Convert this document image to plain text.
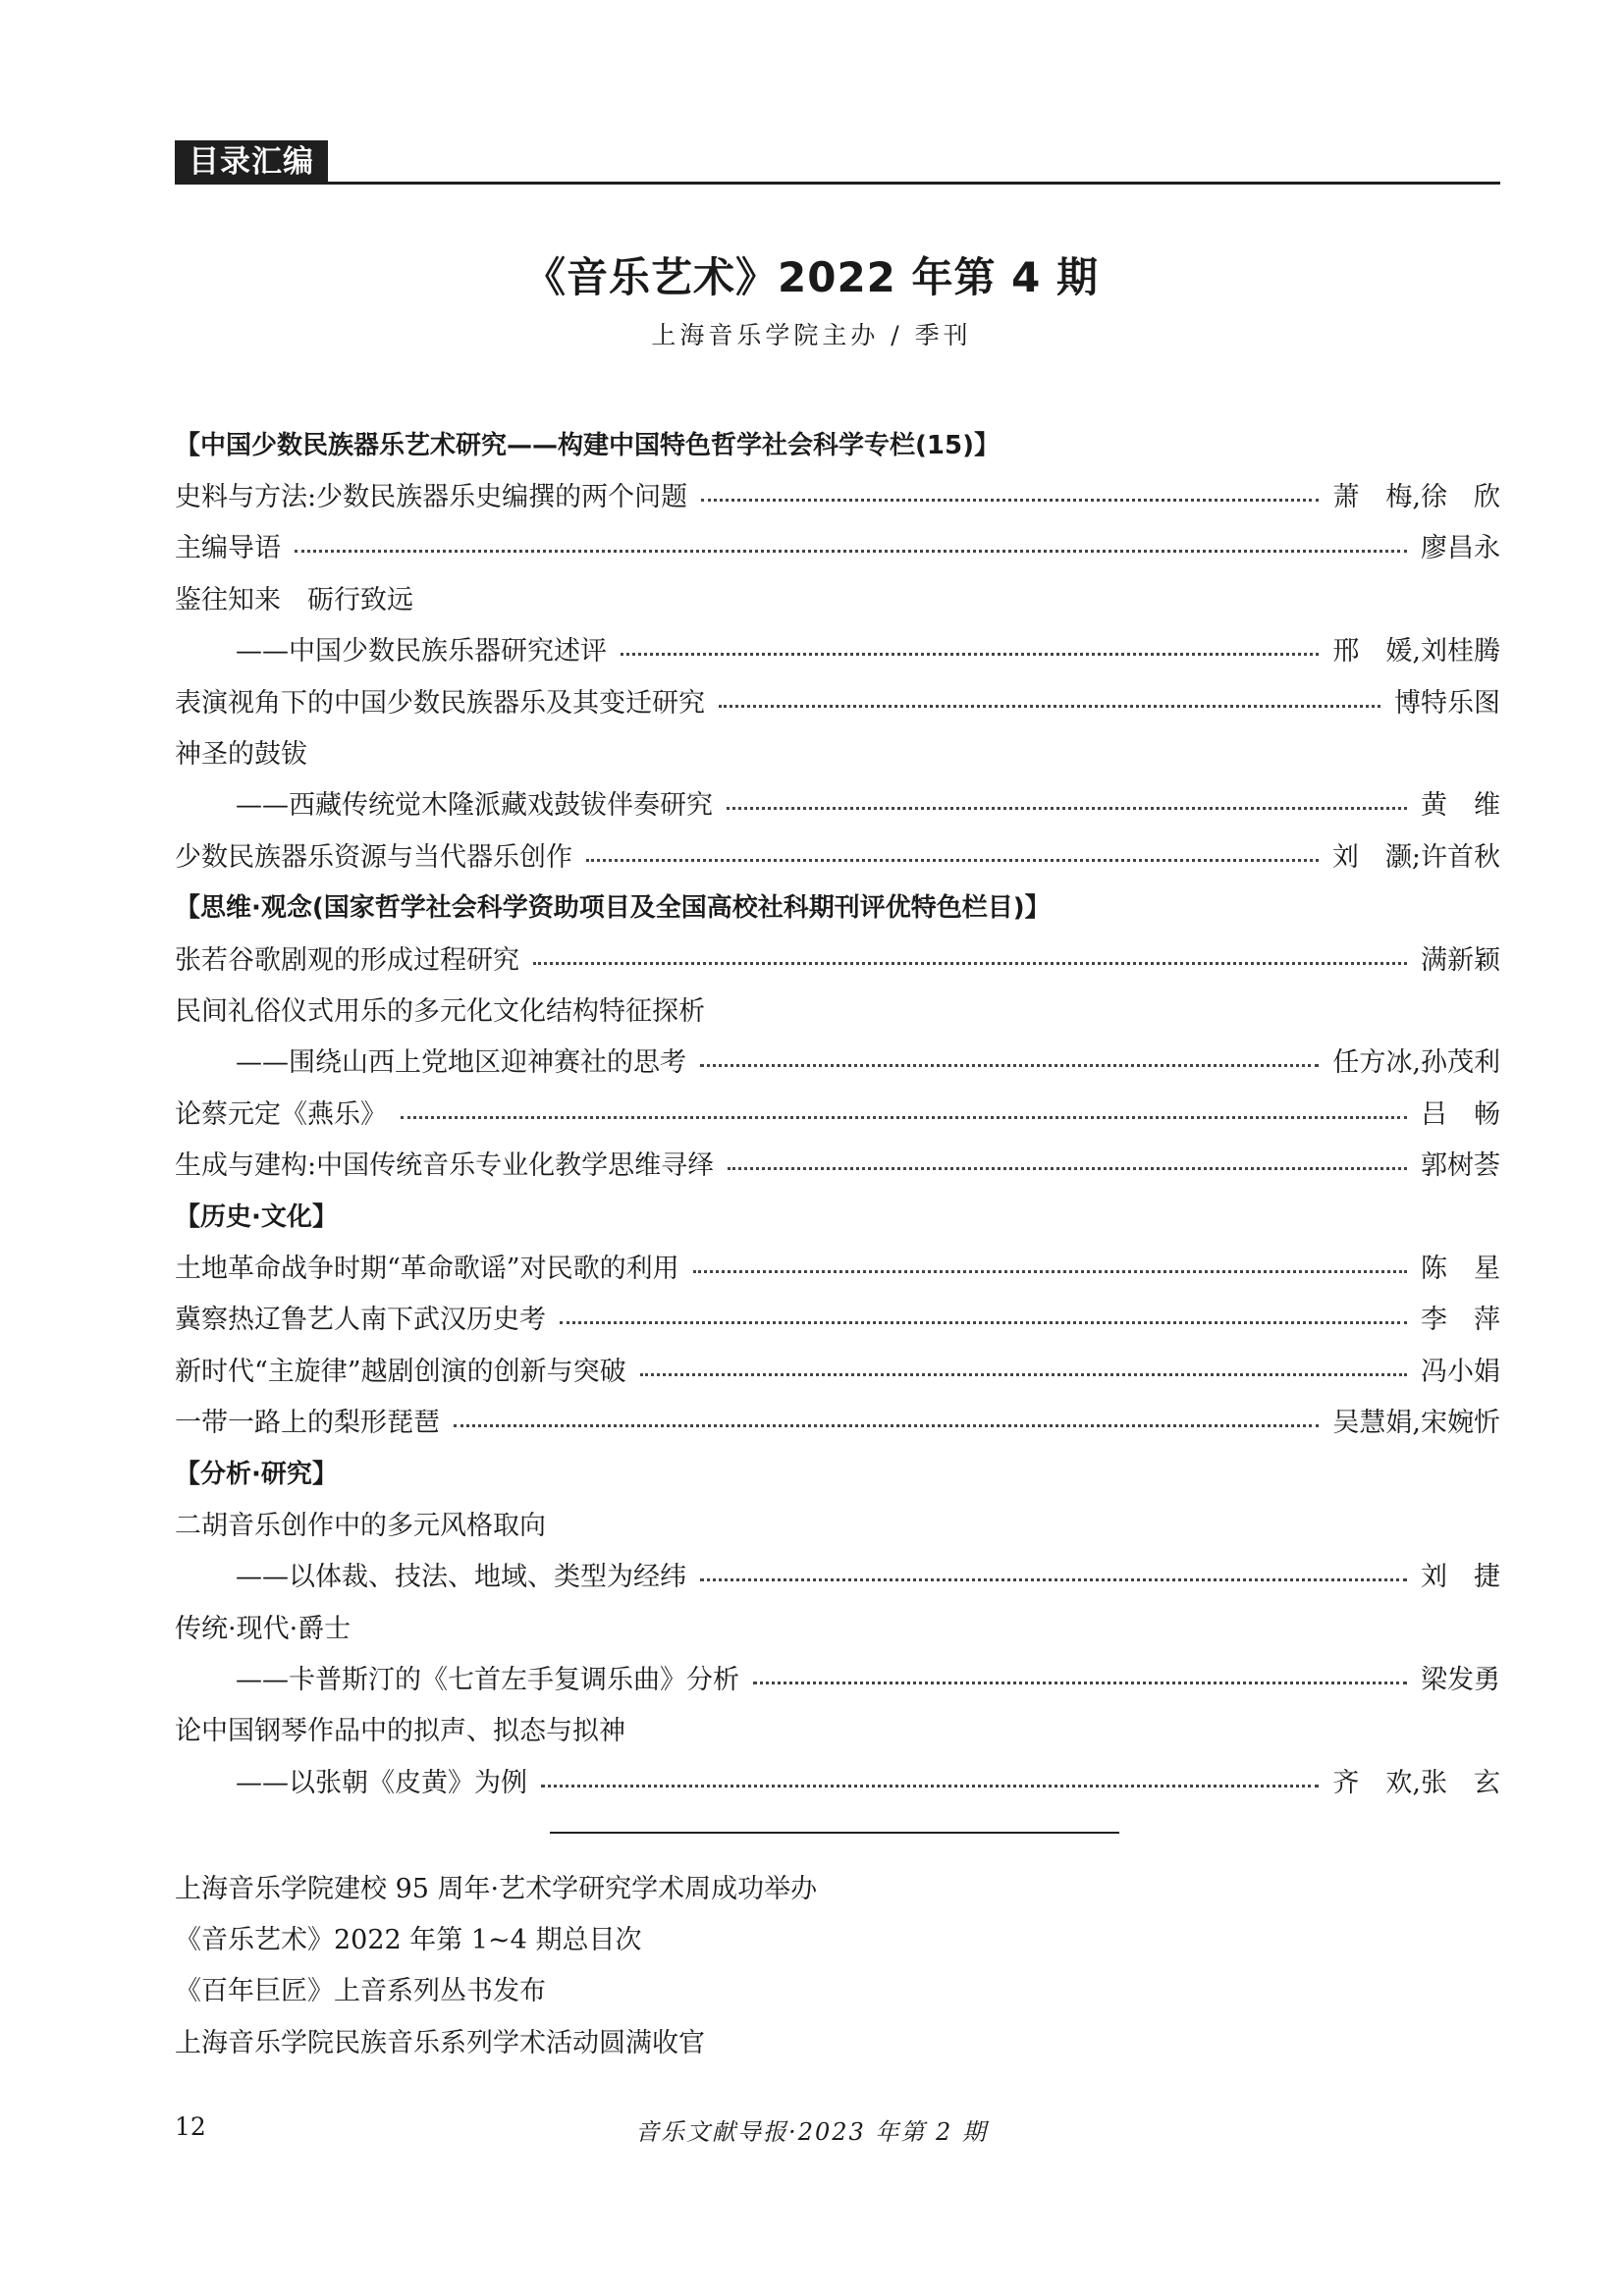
目录汇编
《音乐艺术》2022 年第 4 期
上海音乐学院主办 / 季刊
【中国少数民族器乐艺术研究——构建中国特色哲学社会科学专栏(15)】
史料与方法:少数民族器乐史编撰的两个问题	萧　梅,徐　欣
主编导语	廖昌永
鉴往知来　砺行致远
——中国少数民族乐器研究述评	邢　媛,刘桂腾
表演视角下的中国少数民族器乐及其变迁研究	博特乐图
神圣的鼓钹
——西藏传统觉木隆派藏戏鼓钹伴奏研究	黄　维
少数民族器乐资源与当代器乐创作	刘　灏;许首秋
【思维·观念(国家哲学社会科学资助项目及全国高校社科期刊评优特色栏目)】
张若谷歌剧观的形成过程研究	满新颖
民间礼俗仪式用乐的多元化文化结构特征探析
——围绕山西上党地区迎神赛社的思考	任方冰,孙茂利
论蔡元定《燕乐》	吕　畅
生成与建构:中国传统音乐专业化教学思维寻绎	郭树荟
【历史·文化】
土地革命战争时期“革命歌谣”对民歌的利用	陈　星
冀察热辽鲁艺人南下武汉历史考	李　萍
新时代“主旋律”越剧创演的创新与突破	冯小娟
一带一路上的梨形琵琶	吴慧娟,宋婉忻
【分析·研究】
二胡音乐创作中的多元风格取向
——以体裁、技法、地域、类型为经纬	刘　捷
传统·现代·爵士
——卡普斯汀的《七首左手复调乐曲》分析	梁发勇
论中国钢琴作品中的拟声、拟态与拟神
——以张朝《皮黄》为例	齐　欢,张　玄
上海音乐学院建校 95 周年·艺术学研究学术周成功举办
《音乐艺术》2022 年第 1~4 期总目次
《百年巨匠》上音系列丛书发布
上海音乐学院民族音乐系列学术活动圆满收官
12	音乐文献导报·2023 年第 2 期
